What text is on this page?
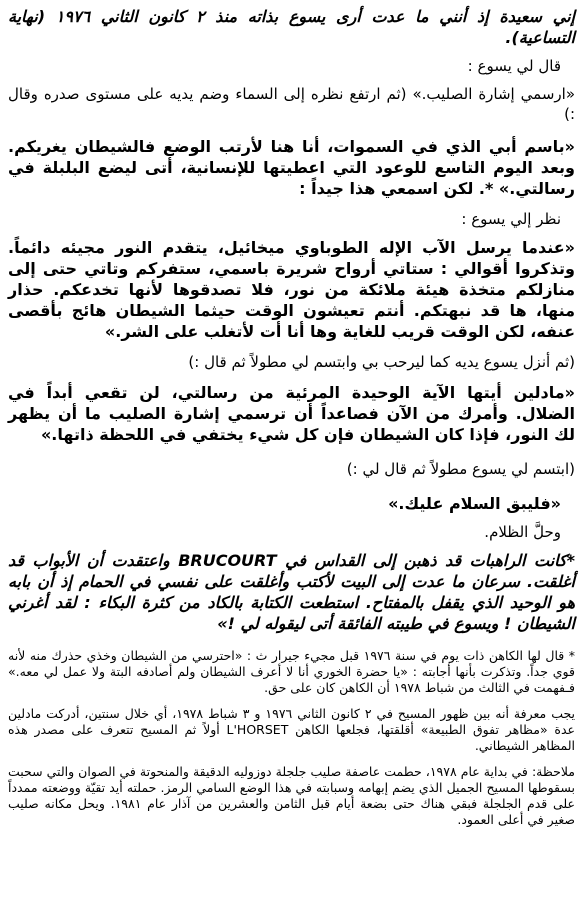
إني سعيدة إذ أنني ما عدت أرى يسوع بذاته منذ ٢ كانون الثاني ١٩٧٦ (نهاية التساعية).

قال لي يسوع :

«ارسمي إشارة الصليب.» (ثم ارتفع نظره إلى السماء وضم يديه على مستوى صدره وقال :)

«باسم أبي الذي في السموات، أنا هنا لأرتب الوضع فالشيطان يغريكم. وبعد اليوم التاسع للوعود التي اعطيتها للإنسانية، أتى ليضع البلبلة في رسالتي.» *. لكن اسمعي هذا جيداً :

نظر إلي يسوع :

«عندما يرسل الآب الإله الطوباوي ميخائيل، يتقدم النور مجيئه دائماً. وتذكروا أقوالي : ستاتي أرواح شريرة باسمي، ستفركم وتاتي حتى إلى منازلكم متخذة هيئة ملائكة من نور، فلا تصدقوها لأنها تخدعكم. حذار منها، ها قد نبهتكم. أنتم تعيشون الوقت حيثما الشيطان هائج بأقصى عنفه، لكن الوقت قريب للغاية وها أنا أت لأتغلب على الشر.»

(ثم أنزل يسوع يديه كما ليرحب بي وابتسم لي مطولاً ثم قال :)

«مادلين أيتها الآية الوحيدة المرئية من رسالتي، لن تقعي أبداً في الضلال. وأمرك من الآن فصاعداً أن ترسمي إشارة الصليب ما أن يظهر لك النور، فإذا كان الشيطان فإن كل شيء يختفي في اللحظة ذاتها.»

(ابتسم لي يسوع مطولاً ثم قال لي :)

«فليبق السلام عليك.»

وحلَّ الظلام.

*كانت الراهبات قد ذهبن إلى القداس في BRUCOURT واعتقدت أن الأبواب قد أغلقت. سرعان ما عدت إلى البيت لأكتب وأغلقت على نفسي في الحمام إذ أن بابه هو الوحيد الذي يقفل بالمفتاح. استطعت الكتابة بالكاد من كثرة البكاء : لقد أغرني الشيطان ! ويسوع في طيبته الفائقة أتى ليقوله لي !»

* قال لها الكاهن ذات يوم في سنة ١٩٧٦ قبل مجيء جيرار ث : «احترسي من الشيطان وخذي حذرك منه لأنه قوي جداً. وتذكرت بأنها أجابته : «يا حضرة الخوري أنا لا أعرف الشيطان ولم أصادفه البتة ولا عمل لي معه.» فـفهمت في الثالث من شباط ١٩٧٨ أن الكاهن كان على حق.

يجب معرفة أنه بين ظهور المسيح في ٢ كانون الثاني ١٩٧٦ و ٣ شباط ١٩٧٨، أي خلال سنتين، أدركت مادلين عدة «مظاهر تفوق الطبيعة» أقلقتها، فجلعها الكاهن L'HORSET أولاً ثم المسيح تتعرف على مصدر هذه المظاهر الشيطاني.

ملاحظة: في بداية عام ١٩٧٨، حطمت عاصفة صليب جلجلة دوزوليه الدقيقة والمنحوتة في الصوان والتي سحبت بسقوطها المسيح الجميل الذي يضم إبهامه وسبابته في هذا الوضع السامي الرمز. حملته أيد تقيّة ووضعته ممدداً على قدم الجلجلة فبقي هناك حتى بضعة أيام قبل الثامن والعشرين من آذار عام ١٩٨١. ويحل مكانه صليب صغير في أعلى العمود.
